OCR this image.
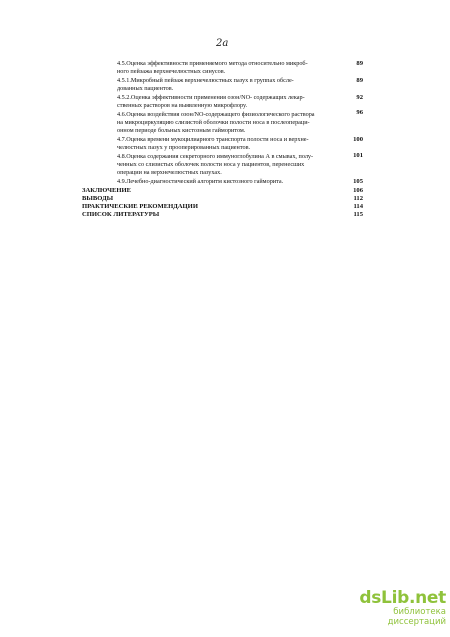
2a
4.5.Оценка эффективности применяемого метода относительно микроб-
ного пейзажа верхнечелюстных синусов.
89
4.5.1.Микробный пейзаж верхнечелюстных пазух в группах обсле-
дованных пациентов.
89
4.5.2.Оценка эффективности применения озон/NO- содержащих лекар-
ственных растворов на выявленную микрофлору.
92
4.6.Оценка воздействия озон/NO-содержащего физиологического раствора
на микроциркуляцию слизистой оболочки полости носа в послеопераци-
онном периоде больных кистозным гайморитом.
96
4.7.Оценка времени мукоцилиарного транспорта полости носа и верхне-
челюстных пазух у прооперированных пациентов.
100
4.8.Оценка содержания секреторного иммуноглобулина А в смывах, полу-
ченных со слизистых оболочек полости носа у пациентов, перенесших
операции на верхнечелюстных пазухах.
101
4.9.Лечебно-диагностический алгоритм кистозного гайморита.	105
ЗАКЛЮЧЕНИЕ	106
ВЫВОДЫ	112
ПРАКТИЧЕСКИЕ РЕКОМЕНДАЦИИ	114
СПИСОК ЛИТЕРАТУРЫ	115
dsLib.net
библиотека диссертаций
